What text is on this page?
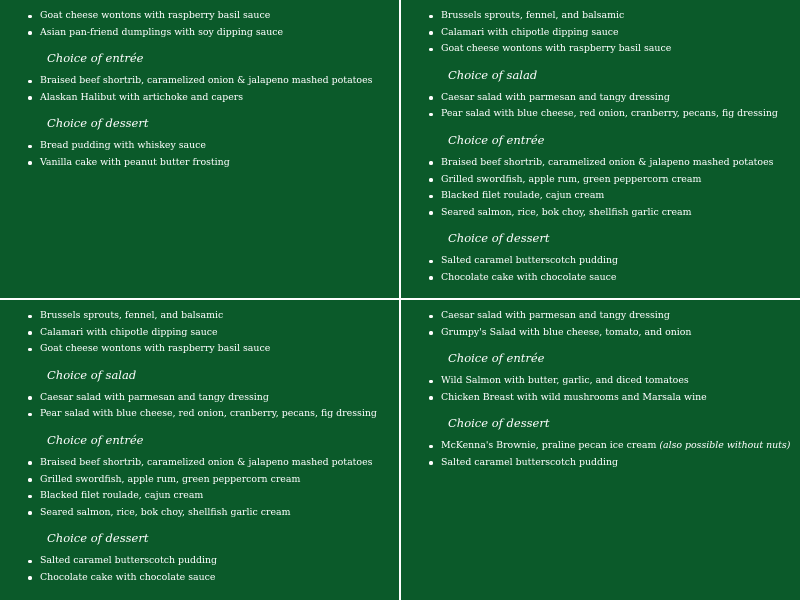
Goat cheese wontons with raspberry basil sauce
Asian pan-friend dumplings with soy dipping sauce
Choice of entrée
Braised beef shortrib, caramelized onion & jalapeno mashed potatoes
Alaskan Halibut with artichoke and capers
Choice of dessert
Bread pudding with whiskey sauce
Vanilla cake with peanut butter frosting
Brussels sprouts, fennel, and balsamic
Calamari with chipotle dipping sauce
Goat cheese wontons with raspberry basil sauce
Choice of salad
Caesar salad with parmesan and tangy dressing
Pear salad with blue cheese, red onion, cranberry, pecans, fig dressing
Choice of entrée
Braised beef shortrib, caramelized onion & jalapeno mashed potatoes
Grilled swordfish, apple rum, green peppercorn cream
Blacked filet roulade, cajun cream
Seared salmon, rice, bok choy, shellfish garlic cream
Choice of dessert
Salted caramel butterscotch pudding
Chocolate cake with chocolate sauce
Brussels sprouts, fennel, and balsamic
Calamari with chipotle dipping sauce
Goat cheese wontons with raspberry basil sauce
Choice of salad
Caesar salad with parmesan and tangy dressing
Pear salad with blue cheese, red onion, cranberry, pecans, fig dressing
Choice of entrée
Braised beef shortrib, caramelized onion & jalapeno mashed potatoes
Grilled swordfish, apple rum, green peppercorn cream
Blacked filet roulade, cajun cream
Seared salmon, rice, bok choy, shellfish garlic cream
Choice of dessert
Salted caramel butterscotch pudding
Chocolate cake with chocolate sauce
Caesar salad with parmesan and tangy dressing
Grumpy's Salad with blue cheese, tomato, and onion
Choice of entrée
Wild Salmon with butter, garlic, and diced tomatoes
Chicken Breast with wild mushrooms and Marsala wine
Choice of dessert
McKenna's Brownie, praline pecan ice cream (also possible without nuts)
Salted caramel butterscotch pudding
